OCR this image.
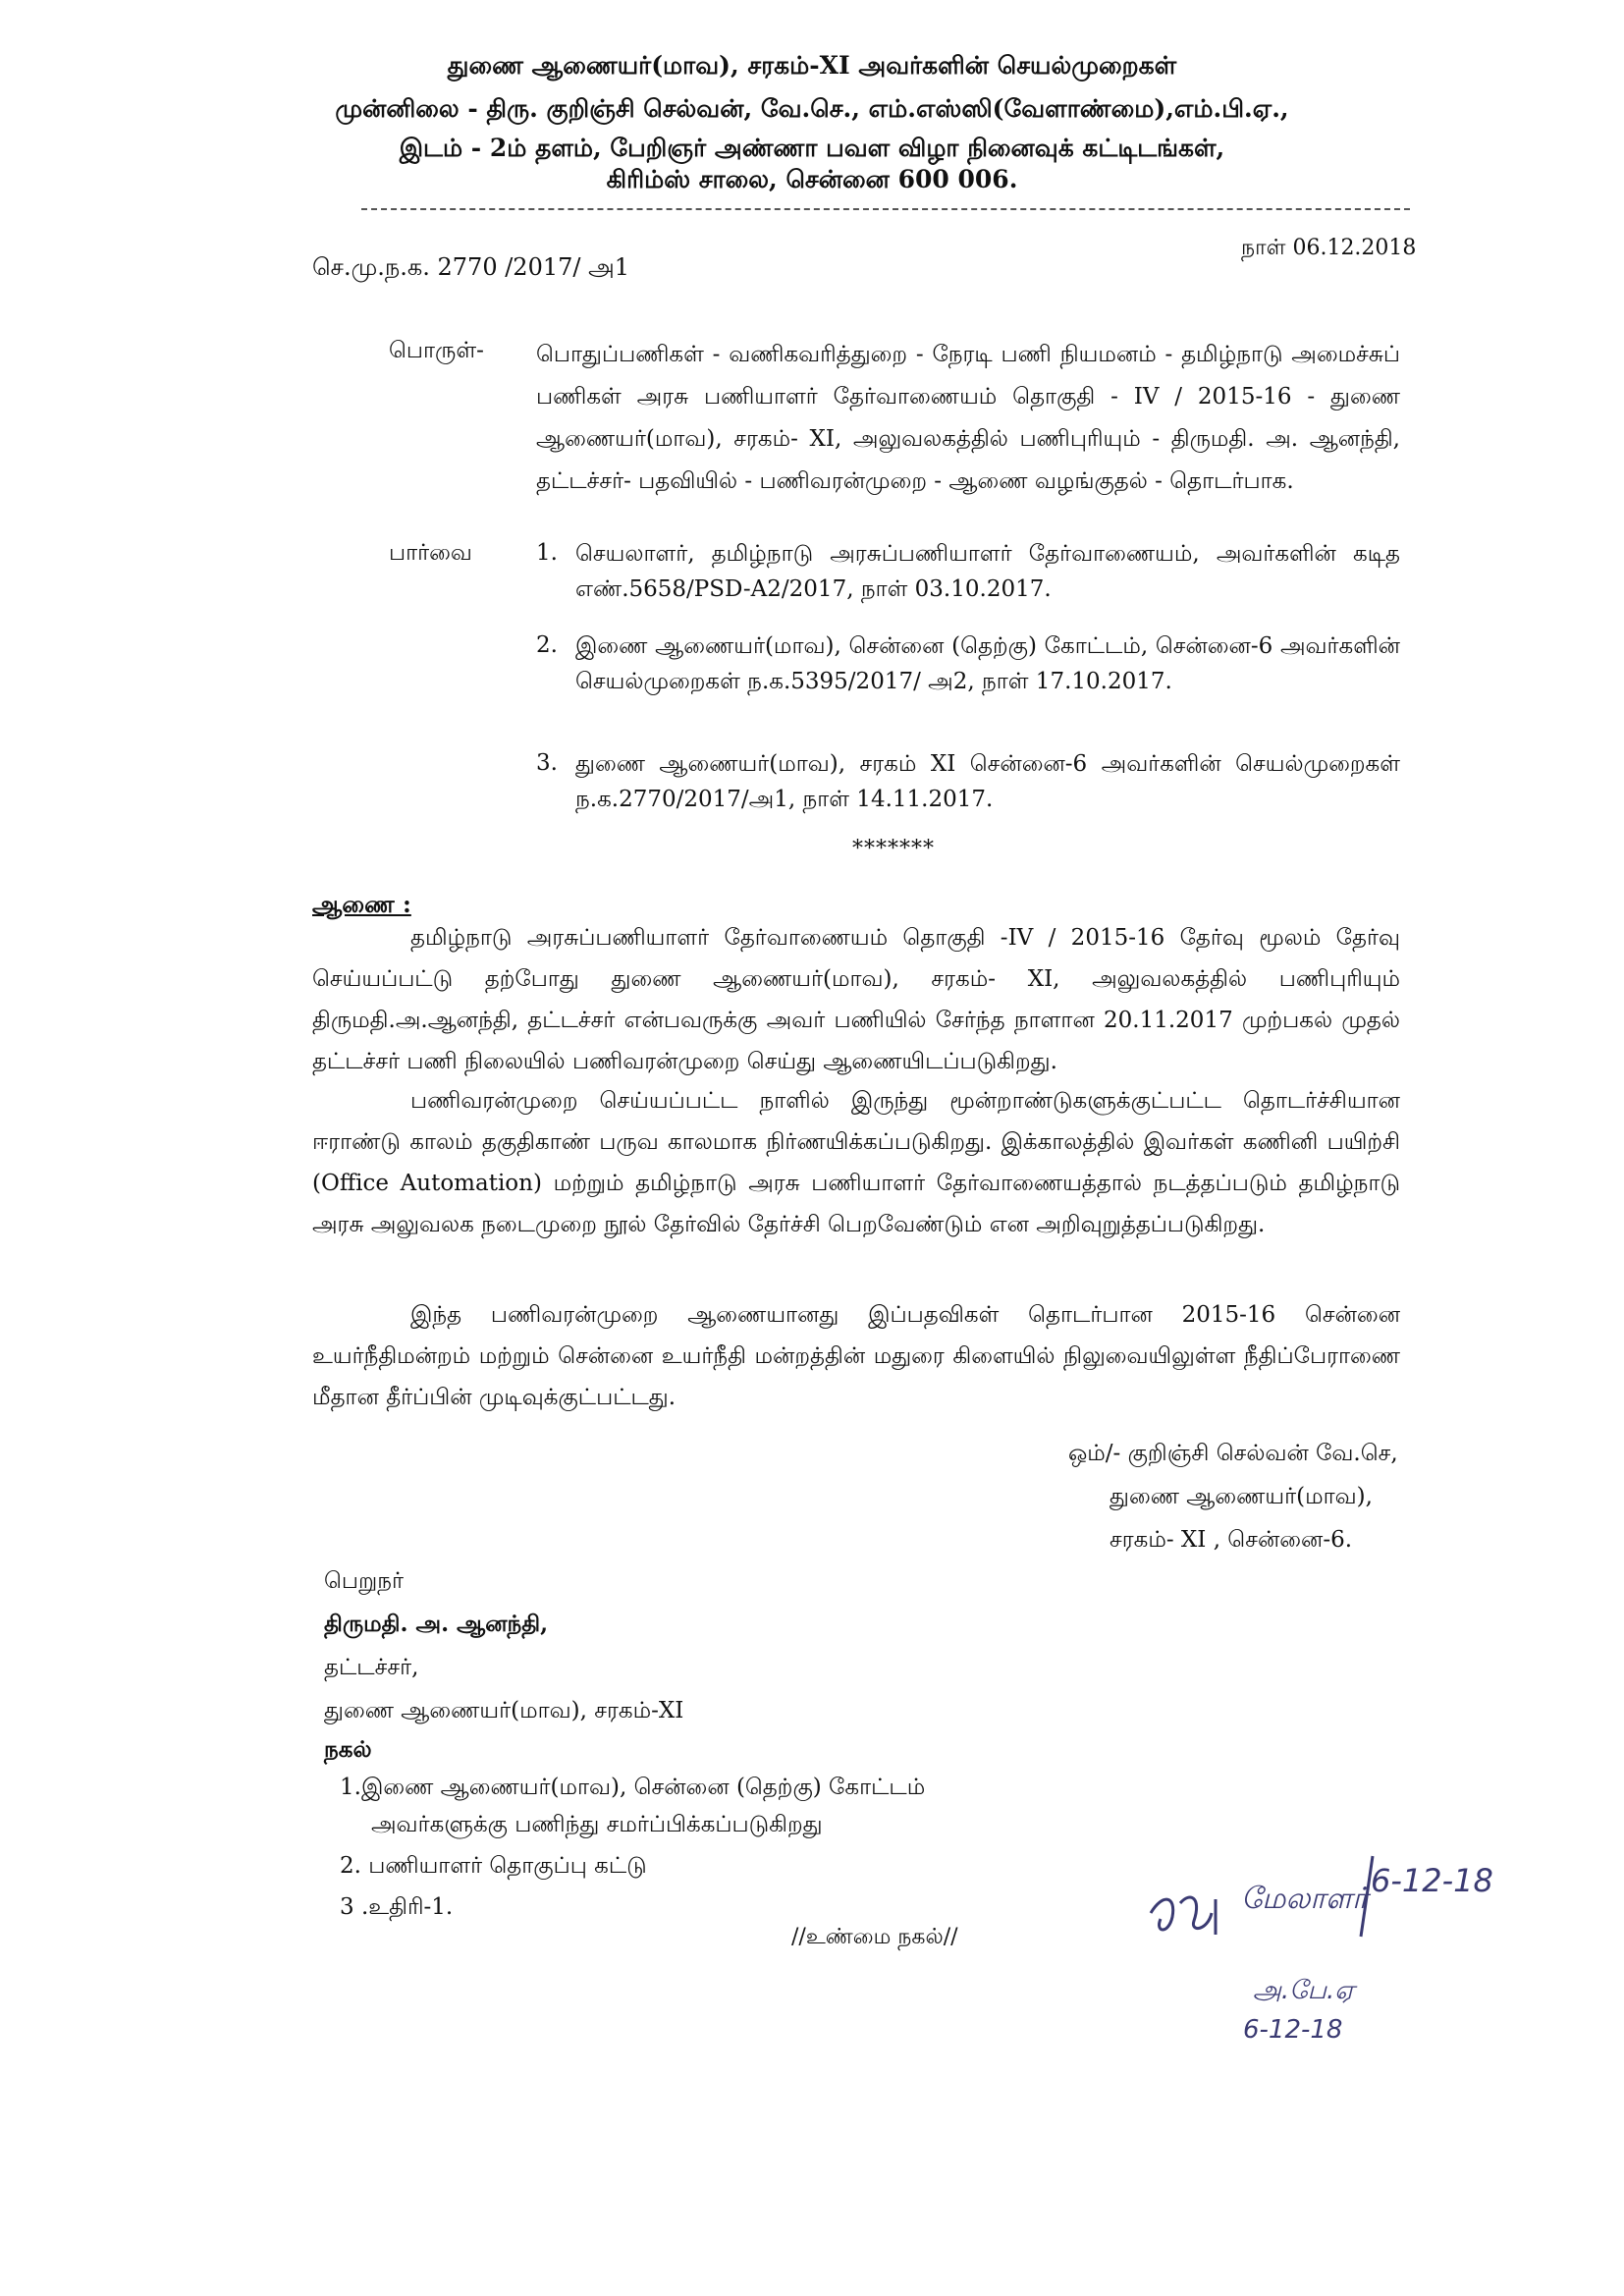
துணை ஆணையர்(மாவ), சரகம்-XI அவர்களின் செயல்முறைகள்
முன்னிலை - திரு. குறிஞ்சி செல்வன், வே.செ., எம்.எஸ்ஸி(வேளாண்மை),எம்.பி.ஏ.,
இடம் - 2ம் தளம், பேறிஞர் அண்ணா பவள விழா நினைவுக் கட்டிடங்கள்,
கிரிம்ஸ் சாலை, சென்னை 600 006.
செ.மு.ந.க. 2770 /2017/ அ1
நாள் 06.12.2018
பொருள்- பொதுப்பணிகள் - வணிகவரித்துறை - நேரடி பணி நியமனம் - தமிழ்நாடு அமைச்சுப் பணிகள் அரசு பணியாளர் தேர்வாணையம் தொகுதி - IV / 2015-16 - துணை ஆணையர்(மாவ), சரகம்- XI, அலுவலகத்தில் பணிபுரியும் - திருமதி. அ. ஆனந்தி, தட்டச்சர்- பதவியில் - பணிவரன்முறை - ஆணை வழங்குதல் - தொடர்பாக.
பார்வை	1. செயலாளர், தமிழ்நாடு அரசுப்பணியாளர் தேர்வாணையம், அவர்களின் கடித எண்.5658/PSD-A2/2017, நாள் 03.10.2017.
2. இணை ஆணையர்(மாவ), சென்னை (தெற்கு) கோட்டம், சென்னை-6 அவர்களின் செயல்முறைகள் ந.க.5395/2017/ அ2, நாள் 17.10.2017.
3. துணை ஆணையர்(மாவ), சரகம் XI சென்னை-6 அவர்களின் செயல்முறைகள் ந.க.2770/2017/அ1, நாள் 14.11.2017.
*******
ஆணை :
தமிழ்நாடு அரசுப்பணியாளர் தேர்வாணையம் தொகுதி -IV / 2015-16 தேர்வு மூலம் தேர்வு செய்யப்பட்டு தற்போது துணை ஆணையர்(மாவ), சரகம்- XI, அலுவலகத்தில் பணிபுரியும் திருமதி.அ.ஆனந்தி, தட்டச்சர் என்பவருக்கு அவர் பணியில் சேர்ந்த நாளான 20.11.2017 முற்பகல் முதல் தட்டச்சர் பணி நிலையில் பணிவரன்முறை செய்து ஆணையிடப்படுகிறது.
பணிவரன்முறை செய்யப்பட்ட நாளில் இருந்து மூன்றாண்டுகளுக்குட்பட்ட தொடர்ச்சியான ஈராண்டு காலம் தகுதிகாண் பருவ காலமாக நிர்ணயிக்கப்படுகிறது. இக்காலத்தில் இவர்கள் கணினி பயிற்சி (Office Automation) மற்றும் தமிழ்நாடு அரசு பணியாளர் தேர்வாணையத்தால் நடத்தப்படும் தமிழ்நாடு அரசு அலுவலக நடைமுறை நூல் தேர்வில் தேர்ச்சி பெறவேண்டும் என அறிவுறுத்தப்படுகிறது.
இந்த பணிவரன்முறை ஆணையானது இப்பதவிகள் தொடர்பான 2015-16 சென்னை உயர்நீதிமன்றம் மற்றும் சென்னை உயர்நீதி மன்றத்தின் மதுரை கிளையில் நிலுவையிலுள்ள நீதிப்பேராணை மீதான தீர்ப்பின் முடிவுக்குட்பட்டது.
ஒம்/- குறிஞ்சி செல்வன் வே.செ,
துணை ஆணையர்(மாவ),
சரகம்- XI , சென்னை-6.
பெறுநர்
திருமதி. அ. ஆனந்தி,
தட்டச்சர்,
துணை ஆணையர்(மாவ), சரகம்-XI
நகல்
1.இணை ஆணையர்(மாவ), சென்னை (தெற்கு) கோட்டம்
அவர்களுக்கு பணிந்து சமர்ப்பிக்கப்படுகிறது
2. பணியாளர் தொகுப்பு கட்டு
3 .உதிரி-1.
//உண்மை நகல்//
மேலாளர் 6-12-18
அ.பே.ஏ
6-12-18
